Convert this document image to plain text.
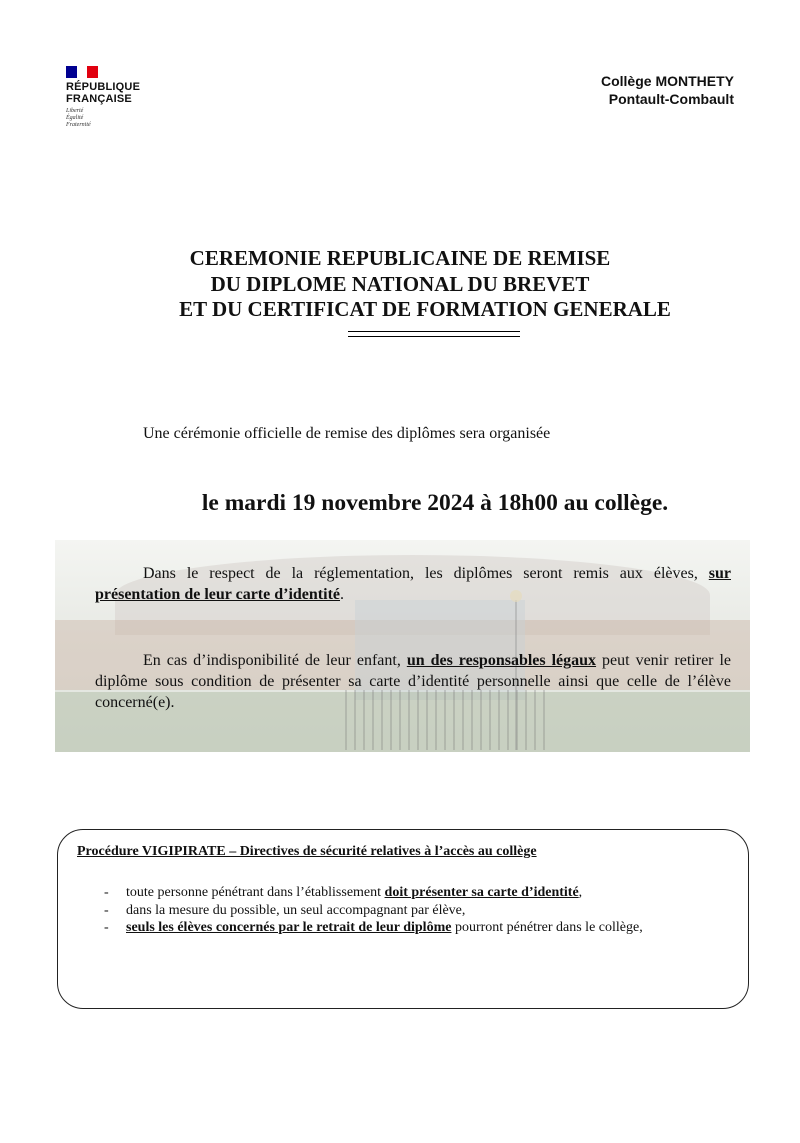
RÉPUBLIQUE
FRANÇAISE
Liberté
Égalité
Fraternité
Collège MONTHETY
Pontault-Combault
CEREMONIE REPUBLICAINE DE REMISE
DU DIPLOME NATIONAL DU BREVET
ET DU CERTIFICAT DE FORMATION GENERALE
Une cérémonie officielle de remise des diplômes sera organisée
le mardi 19 novembre 2024 à 18h00 au collège.
Dans le respect de la réglementation, les diplômes seront remis aux élèves, sur présentation de leur carte d’identité.
En cas d’indisponibilité de leur enfant, un des responsables légaux peut venir retirer le diplôme sous condition de présenter sa carte d’identité personnelle ainsi que celle de l’élève concerné(e).
Procédure VIGIPIRATE – Directives de sécurité relatives à l’accès au collège
- toute personne pénétrant dans l’établissement doit présenter sa carte d’identité,
- dans la mesure du possible, un seul accompagnant par élève,
- seuls les élèves concernés par le retrait de leur diplôme pourront pénétrer dans le collège,
